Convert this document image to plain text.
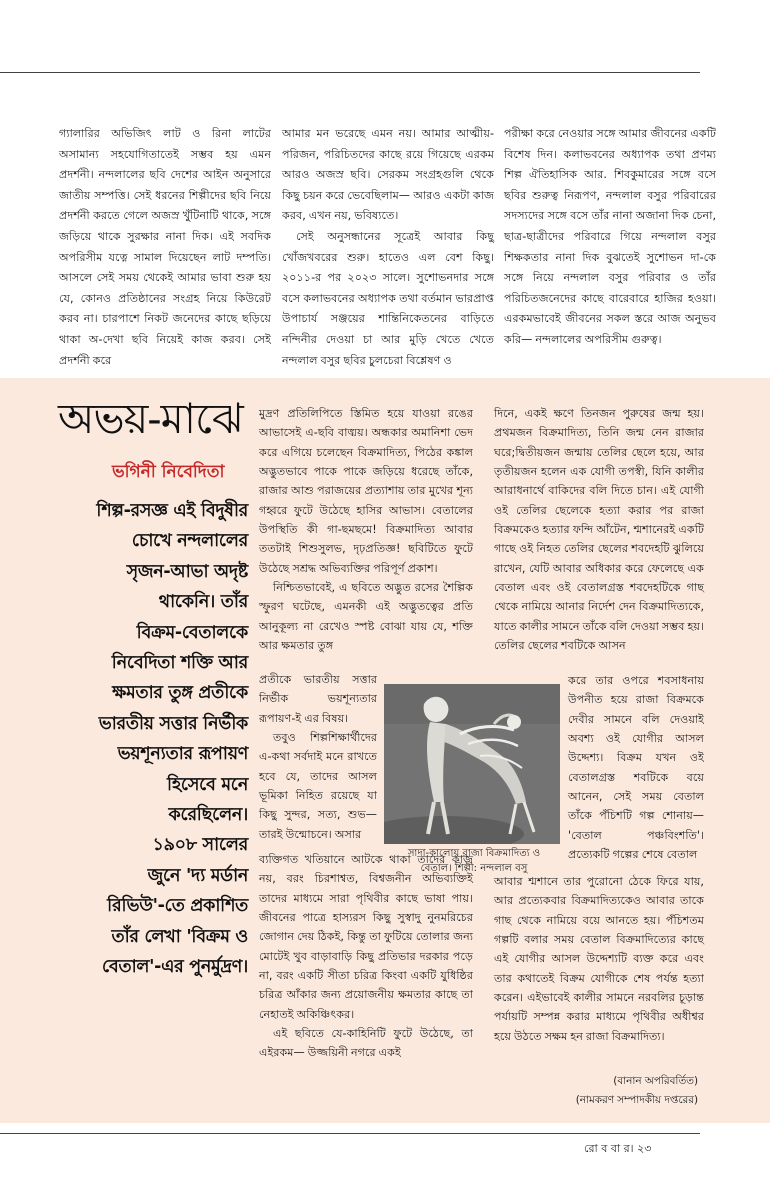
গ্যালারির অভিজিৎ লাট ও রিনা লাটের অসামান্য সহযোগিতাতেই সম্ভব হয় এমন প্রদর্শনী। নন্দলালের ছবি দেশের আইন অনুসারে জাতীয় সম্পত্তি। সেই ধরনের শিল্পীদের ছবি নিয়ে প্রদর্শনী করতে গেলে অজস্র খুঁটিনাটি থাকে, সঙ্গে জড়িয়ে থাকে সুরক্ষার নানা দিক। এই সবদিক অপরিসীম যত্নে সামাল দিয়েছেন লাট দম্পতি। আসলে সেই সময় থেকেই আমার ভাবা শুরু হয় যে, কোনও প্রতিষ্ঠানের সংগ্রহ নিয়ে কিউরেট করব না। চারপাশে নিকট জনেদের কাছে ছড়িয়ে থাকা অ-দেখা ছবি নিয়েই কাজ করব। সেই প্রদর্শনী করে

আমার মন ভরেছে এমন নয়। আমার আত্মীয়-পরিজন, পরিচিতদের কাছে রয়ে গিয়েছে এরকম আরও অজস্র ছবি। সেরকম সংগ্রহগুলি থেকে কিছু চয়ন করে ভেবেছিলাম— আরও একটা কাজ করব, এখন নয়, ভবিষ্যতে।

সেই অনুসন্ধানের সূত্রেই আবার কিছু খোঁজখবরের শুরু। হাতেও এল বেশ কিছু। ২০১১-র পর ২০২৩ সালে। সুশোভনদার সঙ্গে বসে কলাভবনের অধ্যাপক তথা বর্তমান ভারপ্রাপ্ত উপাচার্য সঞ্জয়ের শান্তিনিকেতনের বাড়িতে নন্দিনীর দেওয়া চা আর মুড়ি খেতে খেতে নন্দলাল বসুর ছবির চুলচেরা বিশ্লেষণ ও

পরীক্ষা করে নেওয়ার সঙ্গে আমার জীবনের একটি বিশেষ দিন। কলাভবনের অধ্যাপক তথা প্রণম্য শিল্প ঐতিহাসিক আর. শিবকুমারের সঙ্গে বসে ছবির শুরুত্ব নিরূপণ, নন্দলাল বসুর পরিবারের সদস্যদের সঙ্গে বসে তাঁর নানা অজানা দিক চেনা, ছাত্র-ছাত্রীদের পরিবারে গিয়ে নন্দলাল বসুর শিক্ষকতার নানা দিক বুঝতেই সুশোভন দা-কে সঙ্গে নিয়ে নন্দলাল বসুর পরিবার ও তাঁর পরিচিতজনেদের কাছে বারেবারে হাজির হওয়া। এরকমভাবেই জীবনের সকল স্তরে আজ অনুভব করি— নন্দলালের অপরিসীম গুরুত্ব।

অভয়-মাঝে
ভগিনী নিবেদিতা
শিল্প-রসজ্ঞ এই বিদুষীর
চোখে নন্দলালের
সৃজন-আভা অদৃষ্ট
থাকেনি। তাঁর
বিক্রম-বেতালকে
নিবেদিতা শক্তি আর
ক্ষমতার তুঙ্গ প্রতীকে
ভারতীয় সত্তার নির্ভীক
ভয়শূন্যতার রূপায়ণ
হিসেবে মনে
করেছিলেন।
১৯০৮ সালের
জুনে 'দ্য মর্ডান
রিভিউ'-তে প্রকাশিত
তাঁর লেখা 'বিক্রম ও
বেতাল'-এর পুনর্মুদ্রণ।

মুদ্রণ প্রতিলিপিতে স্তিমিত হয়ে যাওয়া রঙের আভাসেই এ-ছবি বাঙ্ময়। অন্ধকার অমানিশা ভেদ করে এগিয়ে চলেছেন বিক্রমাদিত্য, পিঠের কঙ্কাল অদ্ভুতভাবে পাকে পাকে জড়িয়ে ধরেছে তাঁকে, রাজার আশু পরাজয়ের প্রত্যাশায় তার মুখের শূন্য গহ্বরে ফুটে উঠেছে হাসির আভাস। বেতালের উপস্থিতি কী গা-ছমছমে! বিক্রমাদিত্য আবার ততটাই শিশুসুলভ, দৃঢ়প্রতিজ্ঞ! ছবিটিতে ফুটে উঠেছে সশ্রদ্ধ অভিব্যক্তির পরিপূর্ণ প্রকাশ।

নিশ্চিতভাবেই, এ ছবিতে অদ্ভুত রসের শৈল্পিক স্ফুরণ ঘটেছে, এমনকী এই অদ্ভুতত্বের প্রতি আনুকূল্য না রেখেও স্পষ্ট বোঝা যায় যে, শক্তি আর ক্ষমতার তুঙ্গ

প্রতীকে ভারতীয় সত্তার নির্ভীক ভয়শূন্যতার রূপায়ণ-ই এর বিষয়।

তবুও শিল্পশিক্ষার্থীদের এ-কথা সর্বদাই মনে রাখতে হবে যে, তাদের আসল ভূমিকা নিহিত রয়েছে যা কিছু সুন্দর, সত্য, শুভ— তারই উন্মোচনে। অসার

ব্যক্তিগত খতিয়ানে আটকে থাকা তাদের কাজ নয়, বরং চিরশাশ্বত, বিশ্বজনীন অভিব্যক্তিই তাদের মাধ্যমে সারা পৃথিবীর কাছে ভাষা পায়। জীবনের পাত্রে হাস্যরস কিছু সুস্বাদু নুনমরিচের জোগান দেয় ঠিকই, কিন্তু তা ফুটিয়ে তোলার জন্য মোটেই খুব বাড়াবাড়ি কিছু প্রতিভার দরকার পড়ে না, বরং একটি সীতা চরিত্র কিংবা একটি যুধিষ্ঠির চরিত্র আঁকার জন্য প্রয়োজনীয় ক্ষমতার কাছে তা নেহাতই অকিঞ্চিৎকর।

এই ছবিতে যে-কাহিনিটি ফুটে উঠেছে, তা এইরকম— উজ্জয়িনী নগরে একই

দিনে, একই ক্ষণে তিনজন পুরুষের জন্ম হয়। প্রথমজন বিক্রমাদিত্য, তিনি জন্ম নেন রাজার ঘরে;দ্বিতীয়জন জন্মায় তেলির ছেলে হয়ে, আর তৃতীয়জন হলেন এক যোগী তপস্বী, যিনি কালীর আরাধনার্থে বাকিদের বলি দিতে চান। এই যোগী ওই তেলির ছেলেকে হত্যা করার পর রাজা বিক্রমকেও হত্যার ফন্দি আঁটেন, শ্মশানেরই একটি গাছে ওই নিহত তেলির ছেলের শবদেহটি ঝুলিয়ে রাখেন, যেটি আবার অধিকার করে ফেলেছে এক বেতাল এবং ওই বেতালগ্রস্ত শবদেহটিকে গাছ থেকে নামিয়ে আনার নির্দেশ দেন বিক্রমাদিত্যকে, যাতে কালীর সামনে তাঁকে বলি দেওয়া সম্ভব হয়। তেলির ছেলের শবটিকে আসন

করে তার ওপরে শবসাধনায় উপনীত হয়ে রাজা বিক্রমকে দেবীর সামনে বলি দেওয়াই অবশ্য ওই যোগীর আসল উদ্দেশ্য। বিক্রম যখন ওই বেতালগ্রস্ত শবটিকে বয়ে আনেন, সেই সময় বেতাল তাঁকে পঁচিশটি গল্প শোনায়— 'বেতাল পঞ্চবিংশতি'। প্রত্যেকটি গল্পের শেষে বেতাল

আবার শ্মশানে তার পুরোনো ঠেকে ফিরে যায়, আর প্রত্যেকবার বিক্রমাদিত্যকেও আবার তাকে গাছ থেকে নামিয়ে বয়ে আনতে হয়। পঁচিশতম গল্পটি বলার সময় বেতাল বিক্রমাদিত্যের কাছে এই যোগীর আসল উদ্দেশ্যটি ব্যক্ত করে এবং তার কথাতেই বিক্রম যোগীকে শেষ পর্যন্ত হত্যা করেন। এইভাবেই কালীর সামনে নরবলির চূড়ান্ত পর্যায়টি সম্পন্ন করার মাধ্যমে পৃথিবীর অধীশ্বর হয়ে উঠতে সক্ষম হন রাজা বিক্রমাদিত্য।

সাদা-কালোয় রাজা বিক্রমাদিত্য ও
বেতাল। শিল্পী: নন্দলাল বসু
(বানান অপরিবর্তিত)
(নামকরণ সম্পাদকীয় দপ্তরের)
রো ব বা র। ২৩
